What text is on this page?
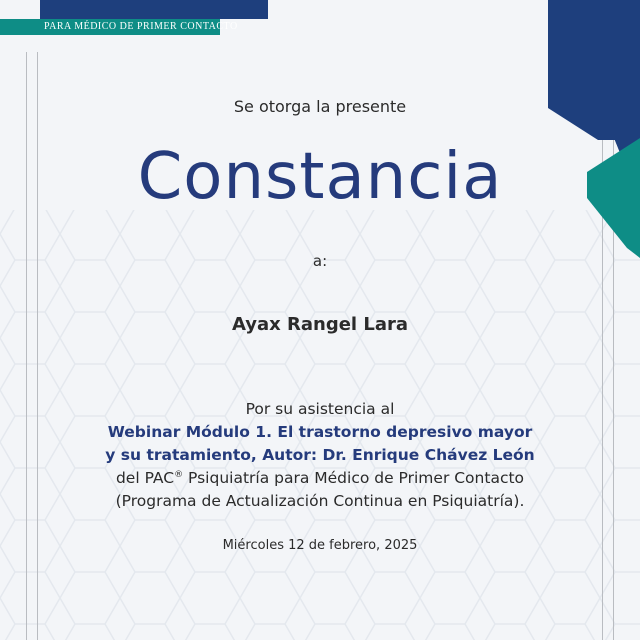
PARA MÉDICO DE PRIMER CONTACTO
Se otorga la presente
Constancia
a:
Ayax Rangel Lara
Por su asistencia al
Webinar Módulo 1. El trastorno depresivo mayor
y su tratamiento, Autor: Dr. Enrique Chávez León
del PAC® Psiquiatría para Médico de Primer Contacto
(Programa de Actualización Continua en Psiquiatría).
Miércoles 12 de febrero, 2025
